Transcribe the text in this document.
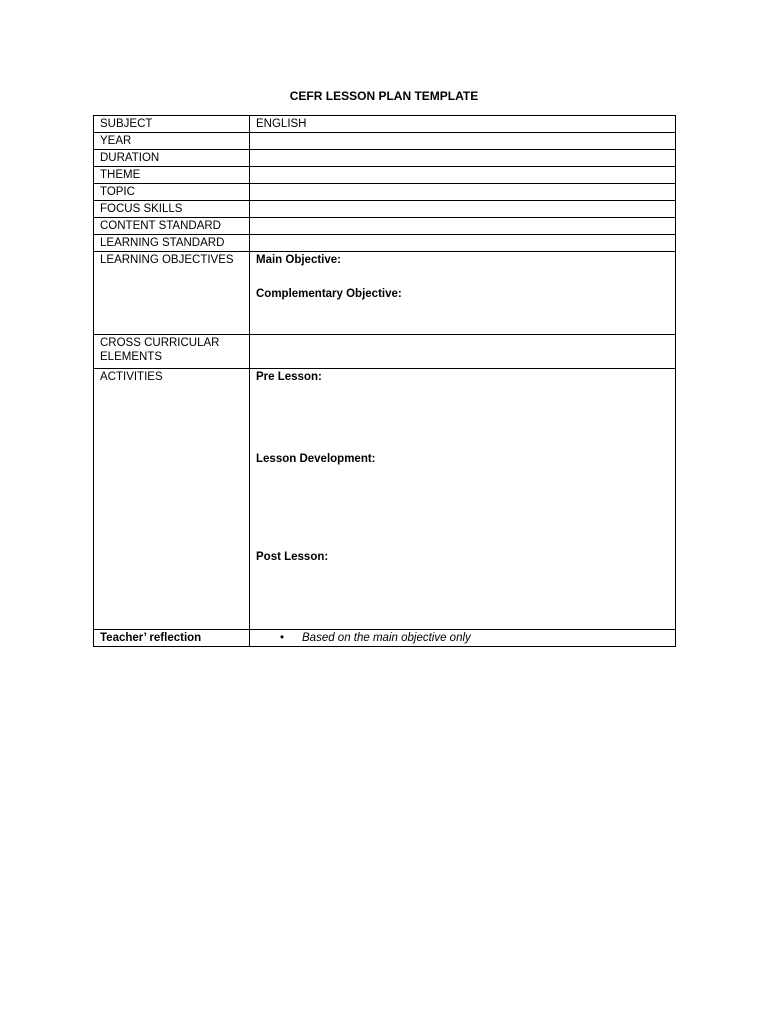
CEFR LESSON PLAN TEMPLATE
SUBJECT	ENGLISH
YEAR	
DURATION	
THEME	
TOPIC	
FOCUS SKILLS	
CONTENT STANDARD	
LEARNING STANDARD	
LEARNING OBJECTIVES	Main Objective:
Complementary Objective:

CROSS CURRICULAR ELEMENTS	
ACTIVITIES	Pre Lesson:
Lesson Development:
Post Lesson:

Teacher’ reflection	• Based on the main objective only
